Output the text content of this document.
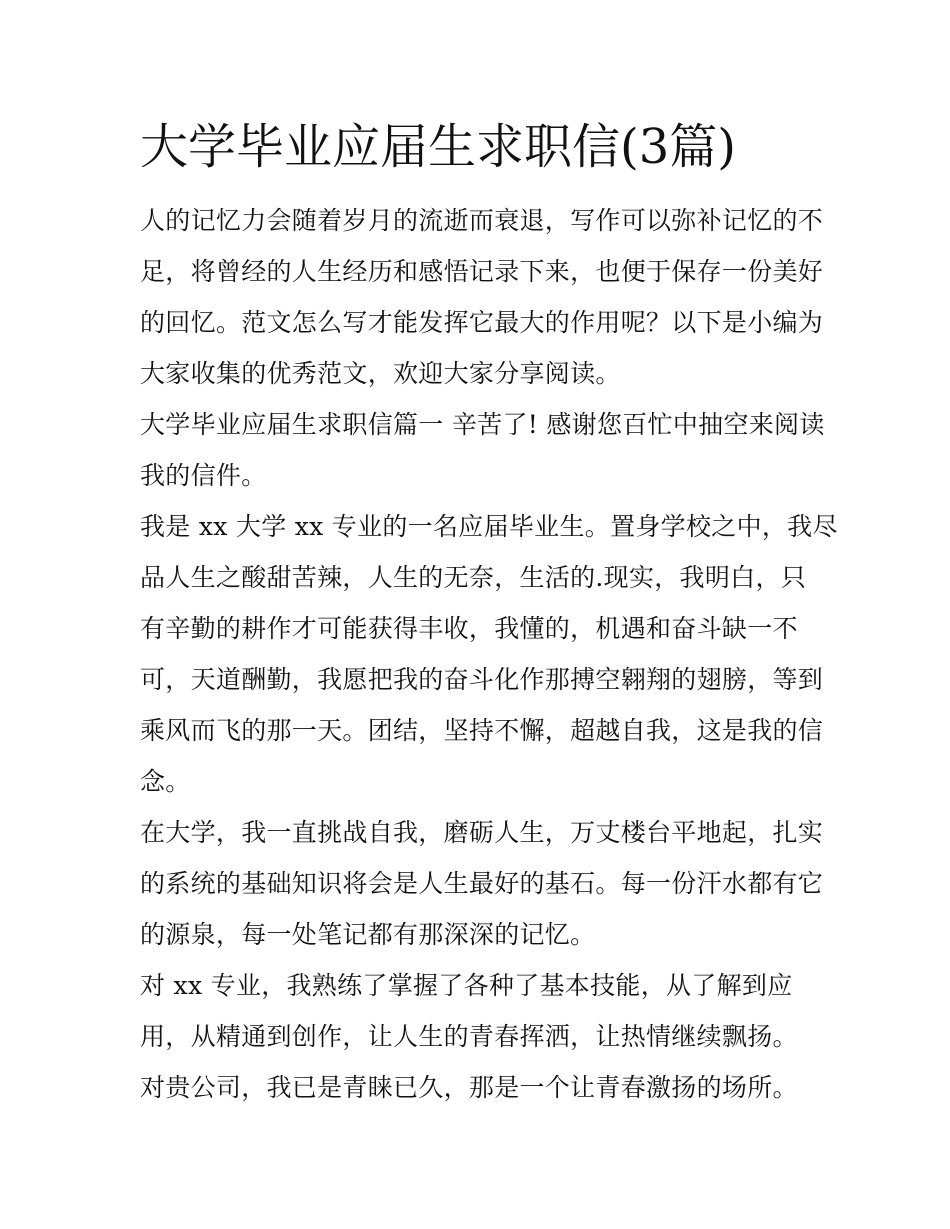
大学毕业应届生求职信(3篇)

人的记忆力会随着岁月的流逝而衰退，写作可以弥补记忆的不

足，将曾经的人生经历和感悟记录下来，也便于保存一份美好

的回忆。范文怎么写才能发挥它最大的作用呢？以下是小编为

大家收集的优秀范文，欢迎大家分享阅读。

大学毕业应届生求职信篇一 辛苦了! 感谢您百忙中抽空来阅读

我的信件。

我是 xx 大学 xx 专业的一名应届毕业生。置身学校之中，我尽

品人生之酸甜苦辣，人生的无奈，生活的.现实，我明白，只

有辛勤的耕作才可能获得丰收，我懂的，机遇和奋斗缺一不

可，天道酬勤，我愿把我的奋斗化作那搏空翱翔的翅膀，等到

乘风而飞的那一天。团结，坚持不懈，超越自我，这是我的信

念。

在大学，我一直挑战自我，磨砺人生，万丈楼台平地起，扎实

的系统的基础知识将会是人生最好的基石。每一份汗水都有它

的源泉，每一处笔记都有那深深的记忆。

对 xx 专业，我熟练了掌握了各种了基本技能，从了解到应

用，从精通到创作，让人生的青春挥洒，让热情继续飘扬。

对贵公司，我已是青睐已久，那是一个让青春激扬的场所。
